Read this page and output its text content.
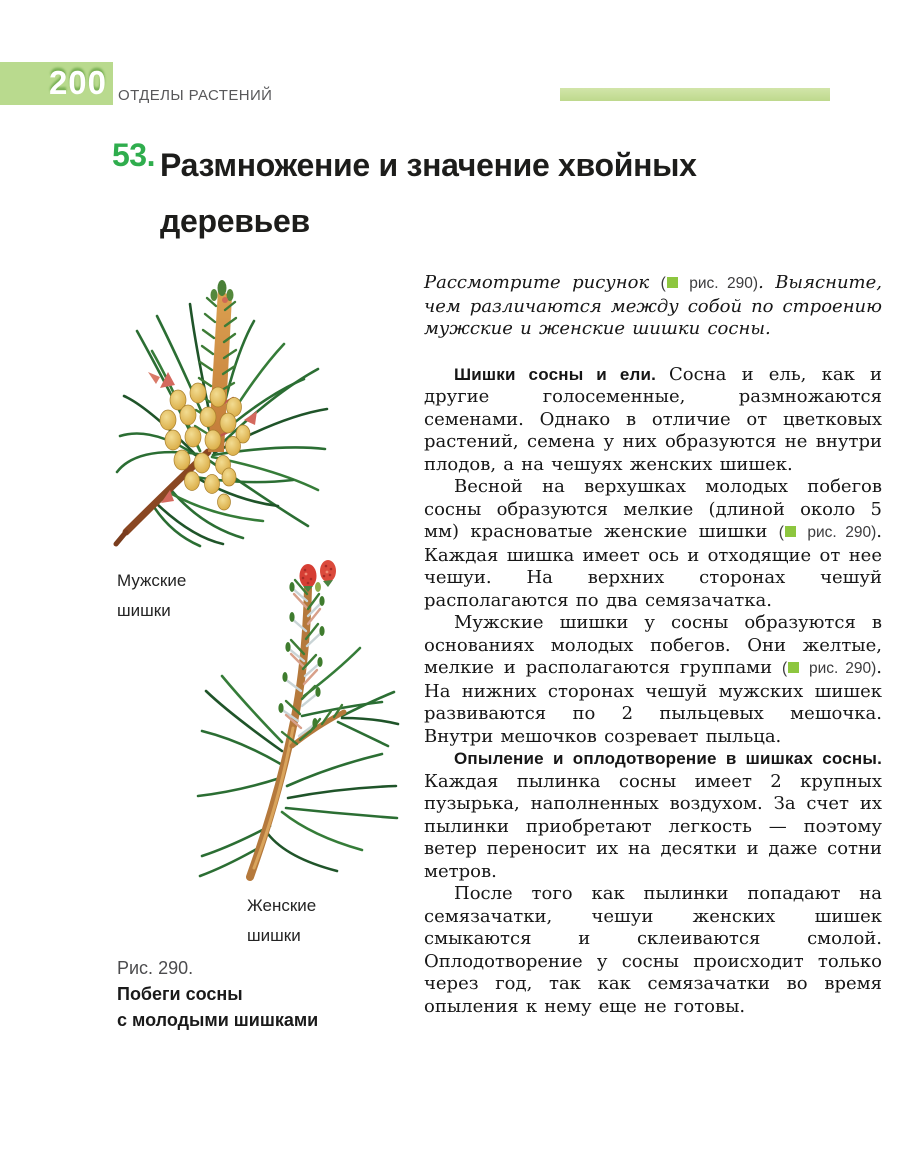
200 ОТДЕЛЫ РАСТЕНИЙ
53. Размножение и значение хвойных деревьев
Мужские
шишки
Женские
шишки
Рис. 290.
Побеги сосны
с молодыми шишками

Рассмотрите рисунок ( рис. 290). Выясните, чем различаются между собой по строению мужские и женские шишки сосны.

Шишки сосны и ели. Сосна и ель, как и другие голосеменные, размножаются семенами. Однако в отличие от цветковых растений, семена у них образуются не внутри плодов, а на чешуях женских шишек.

Весной на верхушках молодых побегов сосны образуются мелкие (длиной около 5 мм) красноватые женские шишки ( рис. 290). Каждая шишка имеет ось и отходящие от нее чешуи. На верхних сторонах чешуй располагаются по два семязачатка.

Мужские шишки у сосны образуются в основаниях молодых побегов. Они желтые, мелкие и располагаются группами ( рис. 290). На нижних сторонах чешуй мужских шишек развиваются по 2 пыльцевых мешочка. Внутри мешочков созревает пыльца.

Опыление и оплодотворение в шишках сосны. Каждая пылинка сосны имеет 2 крупных пузырька, наполненных воздухом. За счет их пылинки приобретают легкость — поэтому ветер переносит их на десятки и даже сотни метров.

После того как пылинки попадают на семязачатки, чешуи женских шишек смыкаются и склеиваются смолой. Оплодотворение у сосны происходит только через год, так как семязачатки во время опыления к нему еще не готовы.
